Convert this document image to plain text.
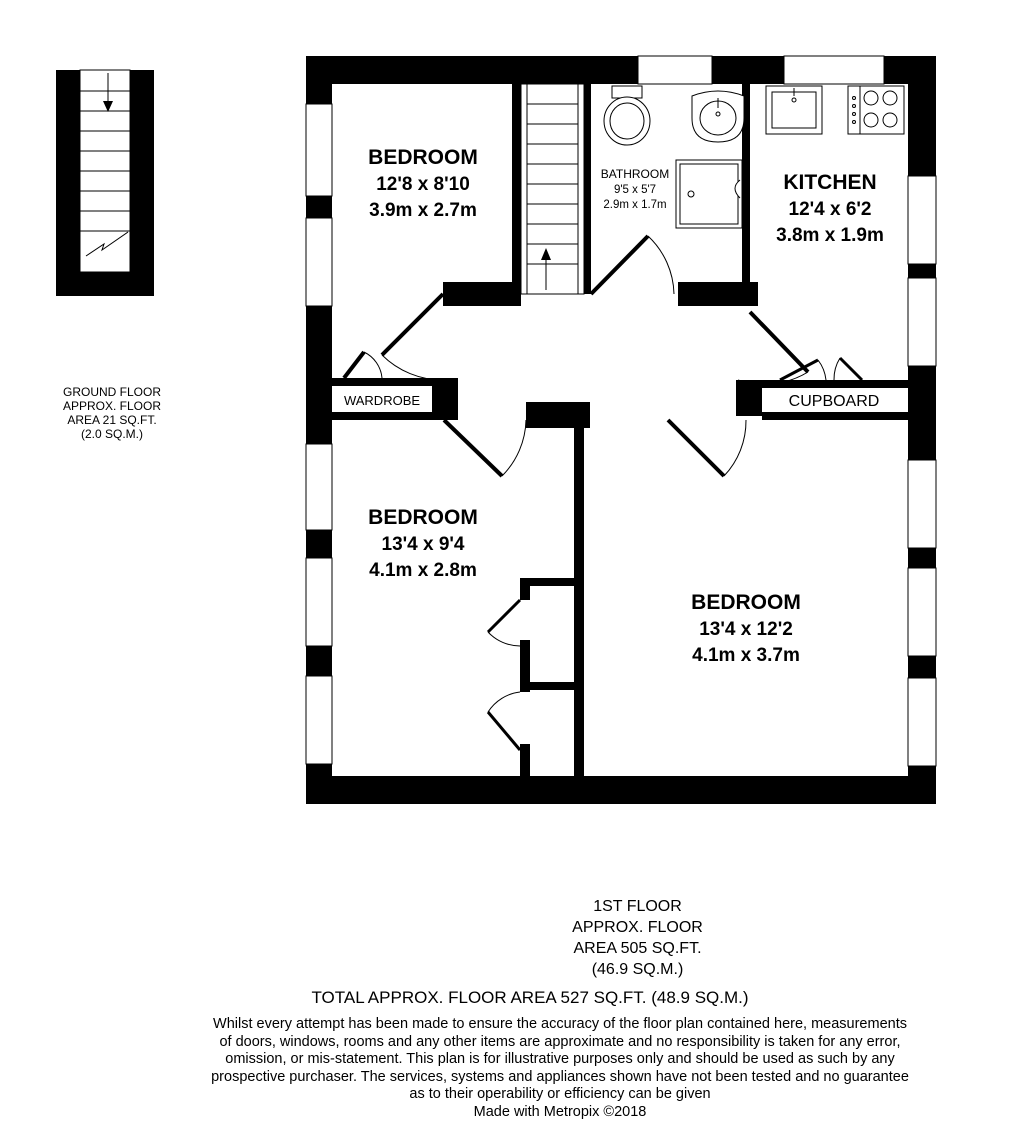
BEDROOM
12'8 x 8'10
3.9m x 2.7m
BATHROOM
9'5 x 5'7
2.9m x 1.7m
KITCHEN
12'4 x 6'2
3.8m x 1.9m
WARDROBE	CUPBOARD
BEDROOM
13'4 x 9'4
4.1m x 2.8m
BEDROOM
13'4 x 12'2
4.1m x 3.7m
GROUND FLOOR
APPROX. FLOOR
AREA 21 SQ.FT.
(2.0 SQ.M.)
1ST FLOOR
APPROX. FLOOR
AREA 505 SQ.FT.
(46.9 SQ.M.)
TOTAL APPROX. FLOOR AREA 527 SQ.FT. (48.9 SQ.M.)
Whilst every attempt has been made to ensure the accuracy of the floor plan contained here, measurements
of doors, windows, rooms and any other items are approximate and no responsibility is taken for any error,
omission, or mis-statement. This plan is for illustrative purposes only and should be used as such by any
prospective purchaser. The services, systems and appliances shown have not been tested and no guarantee
as to their operability or efficiency can be given
Made with Metropix ©2018
